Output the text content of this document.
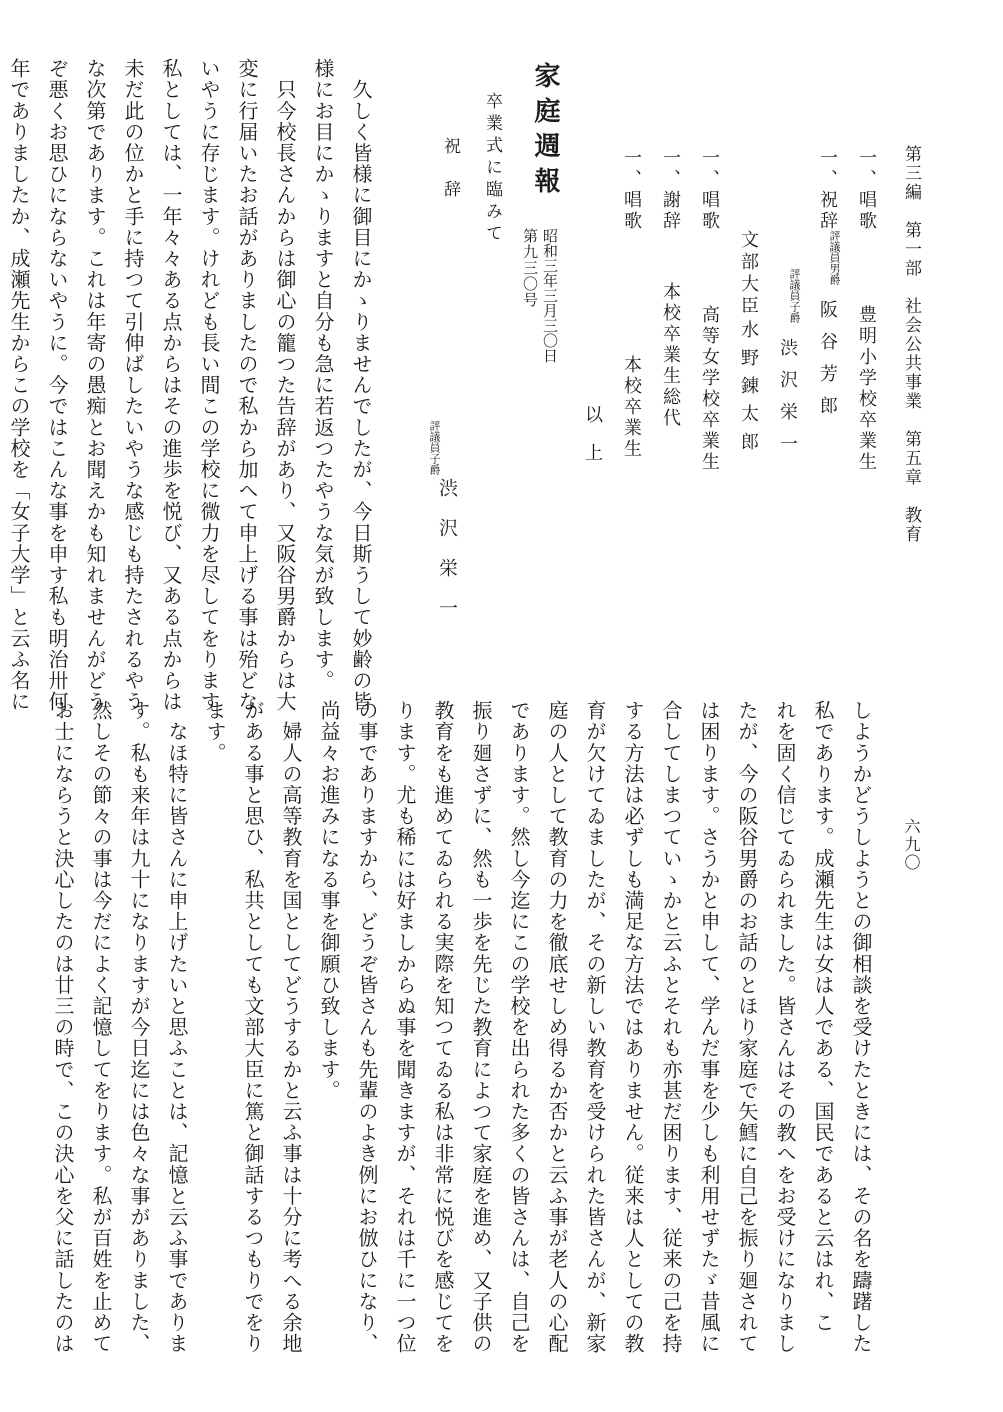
第三編　第一部　社会公共事業　第五章　教育
六九〇
一、唱歌
豊明小学校卒業生
一、祝辞
評議員男爵
阪谷芳郎
評議員子爵
渋沢栄一
文部大臣
水野錬太郎
一、唱歌
高等女学校卒業生
一、謝辞
本校卒業生総代
一、唱歌
本校卒業生
以上
家庭週報
第九三〇号 昭和三年三月三〇日
卒業式に臨みて
祝辞
評議員子爵
渋沢栄一

　久しく皆様に御目にかゝりませんでしたが、今日斯うして妙齢の皆

様にお目にかゝりますと自分も急に若返つたやうな気が致します。

　只今校長さんからは御心の籠つた告辞があり、又阪谷男爵からは大

変に行届いたお話がありましたので私から加へて申上げる事は殆どな

いやうに存じます。けれども長い間この学校に微力を尽してをります

私としては、一年々々ある点からはその進歩を悦び、又ある点からは

未だ此の位かと手に持つて引伸ばしたいやうな感じも持たされるやう

な次第であります。これは年寄の愚痴とお聞えかも知れませんがどう

ぞ悪くお思ひにならないやうに。今ではこんな事を申す私も明治卅何

年でありましたか、成瀬先生からこの学校を「女子大学」と云ふ名に

しようかどうしようとの御相談を受けたときには、その名を躊躇した

私であります。成瀬先生は女は人である、国民であると云はれ、こ

れを固く信じてゐられました。皆さんはその教へをお受けになりまし

たが、今の阪谷男爵のお話のとほり家庭で矢鱈に自己を振り廻されて

は困ります。さうかと申して、学んだ事を少しも利用せずたゞ昔風に

合してしまつていゝかと云ふとそれも亦甚だ困ります、従来の己を持

する方法は必ずしも満足な方法ではありません。従来は人としての教

育が欠けてゐましたが、その新しい教育を受けられた皆さんが、新家

庭の人として教育の力を徹底せしめ得るか否かと云ふ事が老人の心配

であります。然し今迄にこの学校を出られた多くの皆さんは、自己を

振り廻さずに、然も一歩を先じた教育によつて家庭を進め、又子供の

教育をも進めてゐられる実際を知つてゐる私は非常に悦びを感じてを

ります。尤も稀には好ましからぬ事を聞きますが、それは千に一つ位

の事でありますから、どうぞ皆さんも先輩のよき例にお倣ひになり、

尚益々お進みになる事を御願ひ致します。

　婦人の高等教育を国としてどうするかと云ふ事は十分に考へる余地

がある事と思ひ、私共としても文部大臣に篤と御話するつもりでをり

ます。

　なほ特に皆さんに申上げたいと思ふことは、記憶と云ふ事でありま

す。私も来年は九十になりますが今日迄には色々な事がありました、

然しその節々の事は今だによく記憶してをります。私が百姓を止めて

お士にならうと決心したのは廿三の時で、この決心を父に話したのは
